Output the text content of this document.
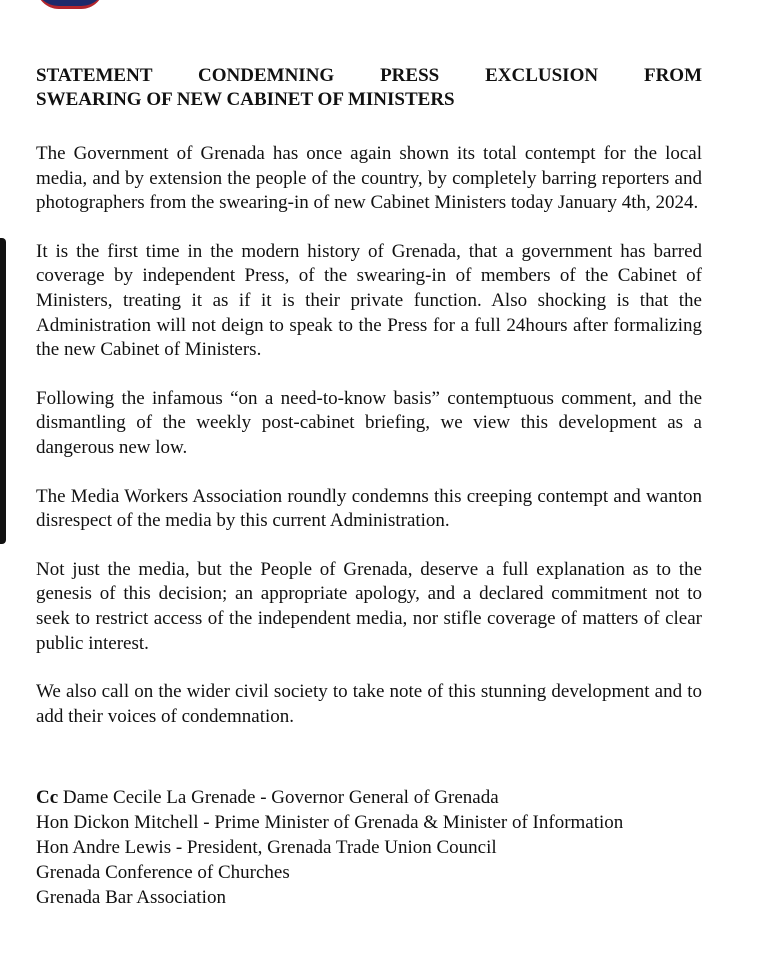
STATEMENT CONDEMNING PRESS EXCLUSION FROM
SWEARING OF NEW CABINET OF MINISTERS

The Government of Grenada has once again shown its total contempt for the local media, and by extension the people of the country, by completely barring reporters and photographers from the swearing-in of new Cabinet Ministers today January 4th, 2024.

It is the first time in the modern history of Grenada, that a government has barred coverage by independent Press, of the swearing-in of members of the Cabinet of Ministers, treating it as if it is their private function. Also shocking is that the Administration will not deign to speak to the Press for a full 24hours after formalizing the new Cabinet of Ministers.

Following the infamous “on a need-to-know basis” contemptuous comment, and the dismantling of the weekly post-cabinet briefing, we view this development as a dangerous new low.

The Media Workers Association roundly condemns this creeping contempt and wanton disrespect of the media by this current Administration.

Not just the media, but the People of Grenada, deserve a full explanation as to the genesis of this decision; an appropriate apology, and a declared commitment not to seek to restrict access of the independent media, nor stifle coverage of matters of clear public interest.

We also call on the wider civil society to take note of this stunning development and to add their voices of condemnation.

Cc Dame Cecile La Grenade - Governor General of Grenada
Hon Dickon Mitchell - Prime Minister of Grenada & Minister of Information
Hon Andre Lewis - President, Grenada Trade Union Council
Grenada Conference of Churches
Grenada Bar Association
